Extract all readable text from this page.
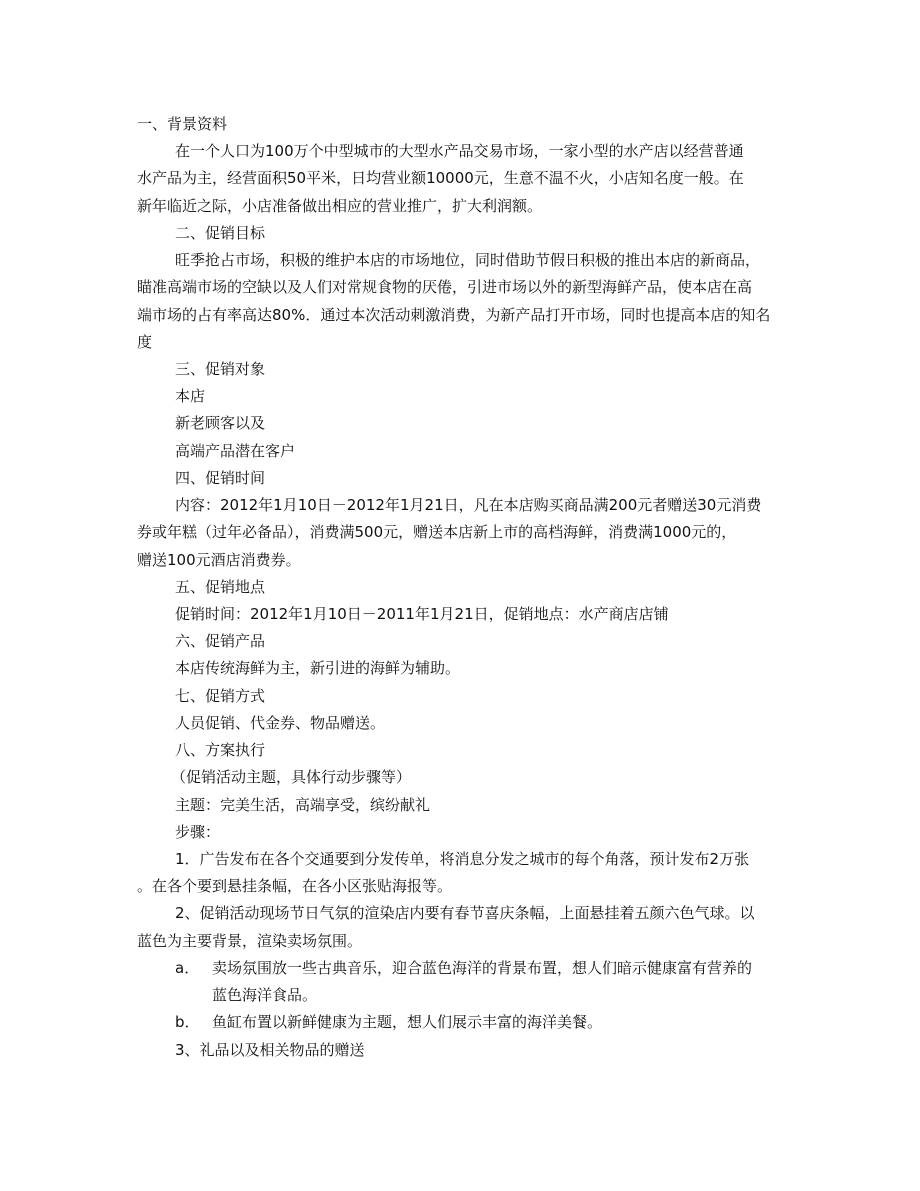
一、背景资料
在一个人口为100万个中型城市的大型水产品交易市场，一家小型的水产店以经营普通
水产品为主，经营面积50平米，日均营业额10000元，生意不温不火，小店知名度一般。在
新年临近之际，小店准备做出相应的营业推广，扩大利润额。
二、促销目标
旺季抢占市场，积极的维护本店的市场地位，同时借助节假日积极的推出本店的新商品，
瞄准高端市场的空缺以及人们对常规食物的厌倦，引进市场以外的新型海鲜产品，使本店在高
端市场的占有率高达80%．通过本次活动刺激消费，为新产品打开市场，同时也提高本店的知名
度
三、促销对象
本店
新老顾客以及
高端产品潜在客户
四、促销时间
内容：2012年1月10日－2012年1月21日，凡在本店购买商品满200元者赠送30元消费
券或年糕（过年必备品），消费满500元，赠送本店新上市的高档海鲜，消费满1000元的，
赠送100元酒店消费券。
五、促销地点
促销时间：2012年1月10日－2011年1月21日，促销地点：水产商店店铺
六、促销产品
本店传统海鲜为主，新引进的海鲜为辅助。
七、促销方式
人员促销、代金券、物品赠送。
八、方案执行
（促销活动主题，具体行动步骤等）
主题：完美生活，高端享受，缤纷献礼
步骤：
1．广告发布在各个交通要到分发传单，将消息分发之城市的每个角落，预计发布2万张
。在各个要到悬挂条幅，在各小区张贴海报等。
2、促销活动现场节日气氛的渲染店内要有春节喜庆条幅，上面悬挂着五颜六色气球。以
蓝色为主要背景，渲染卖场氛围。
a． 卖场氛围放一些古典音乐，迎合蓝色海洋的背景布置，想人们暗示健康富有营养的
蓝色海洋食品。
b． 鱼缸布置以新鲜健康为主题，想人们展示丰富的海洋美餐。
3、礼品以及相关物品的赠送
